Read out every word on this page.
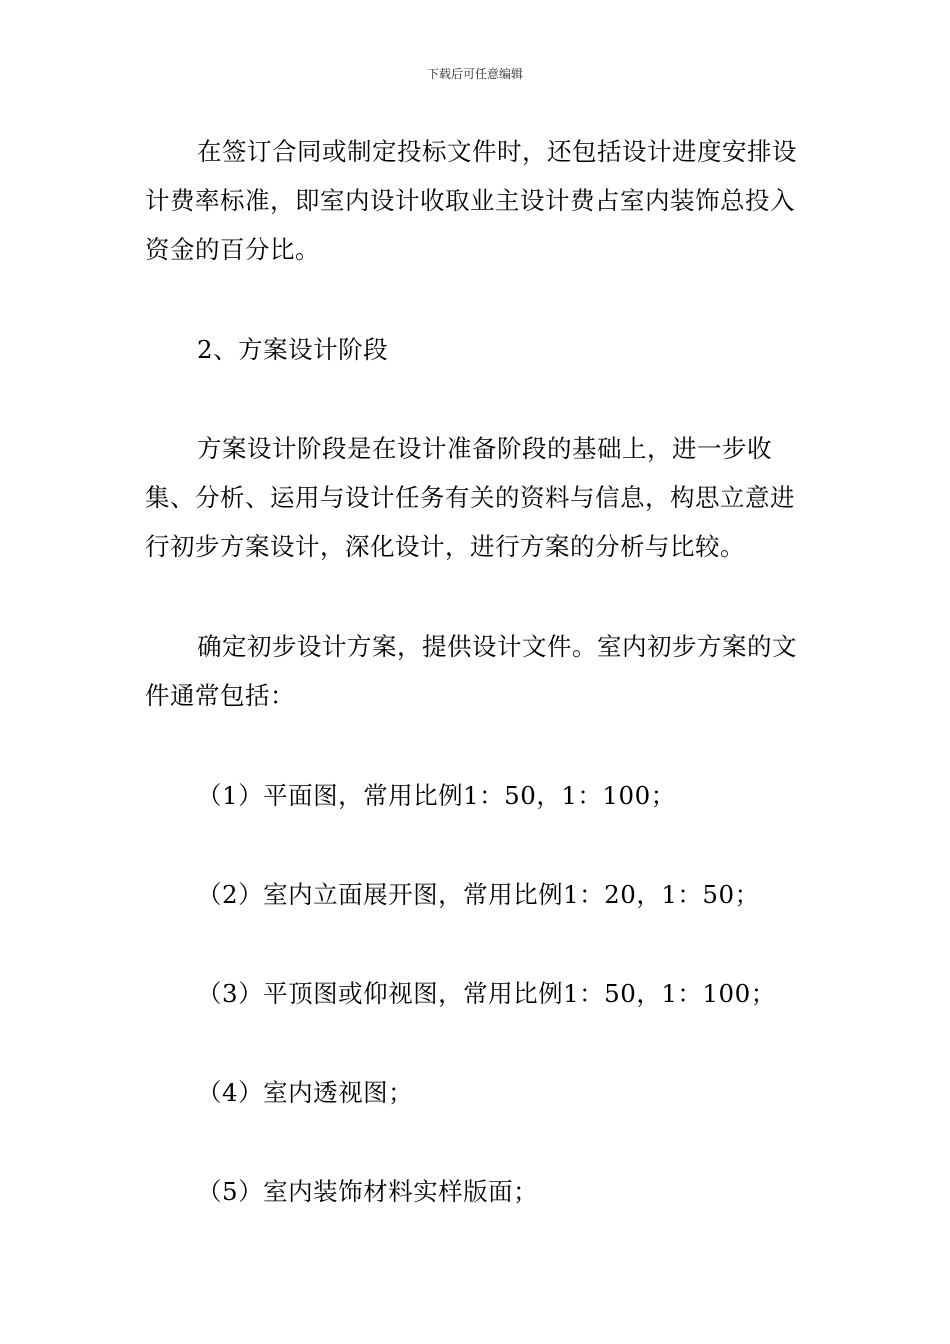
下载后可任意编辑

在签订合同或制定投标文件时，还包括设计进度安排设计费率标准，即室内设计收取业主设计费占室内装饰总投入资金的百分比。

2、方案设计阶段

方案设计阶段是在设计准备阶段的基础上，进一步收集、分析、运用与设计任务有关的资料与信息，构思立意进行初步方案设计，深化设计，进行方案的分析与比较。

确定初步设计方案，提供设计文件。室内初步方案的文件通常包括：

（1）平面图，常用比例1：50，1：100；

（2）室内立面展开图，常用比例1：20，1：50；

（3）平顶图或仰视图，常用比例1：50，1：100；

（4）室内透视图；

（5）室内装饰材料实样版面；
